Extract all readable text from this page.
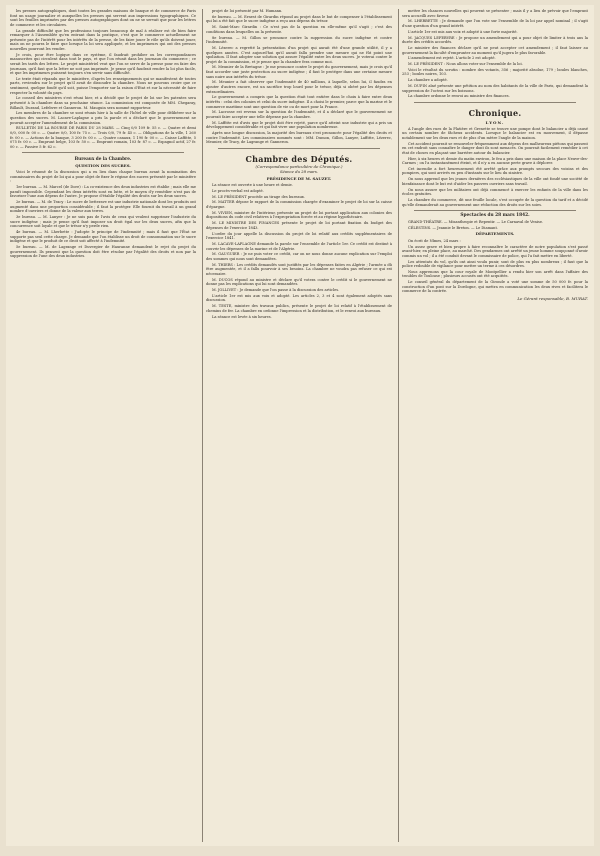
les presses autographiques, dont toutes les grandes maisons de banque et de commerce de Paris font un usage journalier et auxquelles les presses qui servent aux impressions typographiques. Ce sont les feuilles imprimées par des presses autographiques dont on ne se servait que pour les lettres de commerce et les circulaires.

La grande difficulté que les professions toujours beaucoup de mal à réaliser est de bien faire remarquer à l'Assemblée qu'en entrant dans la pratique, c'est que le commerce actuellement ne présente pas de l'intérêt pour les intérêts de la presse, de les faire jouer le rôle qu'ils doivent jouer, mais on ne pourra le faire que lorsque la loi sera appliquée, et les imprimeurs qui ont des presses nouvelles pourront les vendre.

Je crois, pour être logique dans ce système, il faudrait prohiber ou les correspondances manuscrites qui circulent dans tout le pays, et que l'on réunit dans les journaux du commerce ; ce serait les tarifs des lettres. Le projet ministériel veut que l'on se serve de la presse pour en faire des journaux, qu'il faut que la lettre ne soit pas imprimée. Je pense qu'il faudrait rendre la loi plus facile, et que les imprimeurs puissent toujours s'en servir sans difficulté.

Le texte était répandu que le ministère, d'après les renseignements qui se manifestent de toutes parts, reviendra sur le projet qu'il avait de dissoudre la chambre. Nous ne pouvons croire que ce sentiment, quelque fondé qu'il soit, puisse l'emporter sur la raison d'Etat et sur la nécessité de faire respecter la volonté du pays.

Le conseil des ministres s'est réuni hier, et a décidé que le projet de loi sur les patentes sera présenté à la chambre dans sa prochaine séance. La commission est composée de MM. Chegaray, Billault, Durand, Lefebvre et Ganneron. M. Mauguin sera nommé rapporteur.

Les membres de la chambre se sont réunis hier à la salle de l'hôtel de ville pour délibérer sur la question des sucres. M. Lacave-Laplagne a pris la parole et a déclaré que le gouvernement ne pouvait accepter l'amendement de la commission.

BULLETIN DE LA BOURSE DE PARIS DU 28 MARS. — Cinq 0/0 109 fr. 55 c. — Quatre et demi 0/0, 000 fr. 00 c. — Quatre 0/0, 100 fr. 75 c. — Trois 0/0, 79 fr. 45 c. — Obligations de la ville, 1 260 fr. 00 c. — Actions de la banque, 3 200 fr. 00 c. — Quatre canaux, 1 190 fr. 00 c. — Caisse Laffitte, 5 075 fr. 00 c. — Emprunt belge, 103 fr. 50 c. — Emprunt romain, 103 fr. 87 c. — Espagnol actif, 27 fr. 00 c. — Passive 5 fr. 62 c.

Bureaux de la Chambre.
QUESTION DES SUCRES.

Voici le résumé de la discussion qui a eu lieu dans chaque bureau avant la nomination des commissaires du projet de loi qui a pour objet de fixer le régime des sucres présenté par le ministère :

1er bureau. — M. Marcel (de Dore) : La co-existence des deux industries est établie ; mais elle me paraît impossible. Cependant les deux intérêts sont en lutte, et le moyen d'y remédier n'est pas de favoriser l'une aux dépens de l'autre. Je propose d'établir l'égalité des droits sur les deux sucres.

2e bureau. — M. de Tracy : Le sucre de betterave est une industrie nationale dont les produits ont augmenté dans une proportion considérable ; il faut la protéger. Elle fournit du travail à un grand nombre d'ouvriers et donne de la valeur aux terres.

3e bureau. — M. Lanyer : Je ne suis pas de l'avis de ceux qui veulent supprimer l'industrie du sucre indigène ; mais je pense qu'il faut imposer un droit égal sur les deux sucres, afin que la concurrence soit loyale et que le trésor n'y perde rien.

4e bureau. — M. Lherbette : J'adopte le principe de l'indemnité ; mais il faut que l'État ne supporte pas seul cette charge. Je demande que l'on établisse un droit de consommation sur le sucre indigène et que le produit de ce droit soit affecté à l'indemnité.

5e bureau. — M. de Lagrange et Duvergier de Hauranne demandent le rejet du projet du gouvernement. Ils pensent que la question doit être résolue par l'égalité des droits et non par la suppression de l'une des deux industries.

projet de loi présenté par M. Humann.

6e bureau. — M. Ernest de Girardin répond au projet dans le but de compenser à l'établissement qui lui a été fait que le sucre indigène a reçu aux dépens du trésor.

M. Saint-Marc Girardin : Ce n'est pas de la question en elle-même qu'il s'agit ; c'est des conditions dans lesquelles on la présente.

8e bureau. — M. Gillon se prononce contre la suppression du sucre indigène et contre l'indemnité.

M. Lézerec a regretté la présentation d'un projet qui aurait été d'une grande utilité, il y a quelques années. C'est aujourd'hui qu'il aurait fallu prendre une mesure qui ne fût point une spoliation. Il faut adopter une solution qui assure l'égalité entre les deux sucres. Je voterai contre le projet de la commission, et je pense que la chambre fera comme moi.

M. Meunier de la Bretagne : Je me prononce contre le projet du gouvernement, mais je crois qu'il faut accorder une juste protection au sucre indigène ; il faut le protéger dans une certaine mesure sans nuire aux intérêts du trésor.

M. Meunier a fait observer que l'indemnité de 40 millions, à laquelle, selon lui, il faudra en ajouter d'autres encore, est un sacrifice trop lourd pour le trésor, déjà si obéré par les dépenses extraordinaires.

Le gouvernement a compris que la question était tout entière dans le choix à faire entre deux intérêts : celui des colonies et celui du sucre indigène. Il a choisi le premier, parce que la marine et le commerce maritime sont une question de vie ou de mort pour la France.

M. Lacrosse est revenu sur la question de l'indemnité, et il a déclaré que le gouvernement ne pourrait faire accepter une telle dépense par la chambre.

M. Laffitte est d'avis que le projet doit être rejeté, parce qu'il atteint une industrie qui a pris un développement considérable et qui fait vivre une population nombreuse.

Après une longue discussion, la majorité des bureaux s'est prononcée pour l'égalité des droits et contre l'indemnité. Les commissaires nommés sont : MM. Dumon, Gillon, Lanyer, Laffitte, Lézerec, Meunier, de Tracy, de Lagrange et Ganneron.

Chambre des Députés.
(Correspondance particulière de Chronique.)
Séance du 28 mars.
PRÉSIDENCE DE M. SAUZET.

La séance est ouverte à une heure et demie.

Le procès-verbal est adopté.

M. LE PRÉSIDENT procède au tirage des bureaux.

M. MATTER dépose le rapport de la commission chargée d'examiner le projet de loi sur la caisse d'épargne.

M. VIVIEN, ministre de l'intérieur, présente un projet de loi portant application aux colonies des dispositions du code civil relatives à l'expropriation forcée et au régime hypothécaire.

M. LE MINISTRE DES FINANCES présente le projet de loi portant fixation du budget des dépenses de l'exercice 1843.

L'ordre du jour appelle la discussion du projet de loi relatif aux crédits supplémentaires de l'exercice 1841.

M. LACAVE-LAPLAGNE demande la parole sur l'ensemble de l'article 1er. Ce crédit est destiné à couvrir les dépenses de la marine et de l'Algérie.

M. GAUGUIER : Je ne puis voter ce crédit, car on ne nous donne aucune explication sur l'emploi des sommes qui nous sont demandées.

M. THIERS : Les crédits demandés sont justifiés par les dépenses faites en Algérie ; l'armée a dû être augmentée, et il a fallu pourvoir à ses besoins. La chambre ne voudra pas refuser ce qui est nécessaire.

M. DUCOS répond au ministre et déclare qu'il votera contre le crédit si le gouvernement ne donne pas les explications qui lui sont demandées.

M. JOLLIVET : Je demande que l'on passe à la discussion des articles.

L'article 1er est mis aux voix et adopté. Les articles 2, 3 et 4 sont également adoptés sans discussion.

M. TESTE, ministre des travaux publics, présente le projet de loi relatif à l'établissement de chemins de fer. La chambre en ordonne l'impression et la distribution, et le renvoi aux bureaux.

La séance est levée à six heures.

mettre les chances nouvelles qui peuvent se présenter ; mais il y a lieu de prévoir que l'emprunt sera accueilli avec faveur.

M. LHERBETTE : Je demande que l'on vote sur l'ensemble de la loi par appel nominal ; il s'agit d'une question d'un grand intérêt.

L'article 1er est mis aux voix et adopté à une forte majorité.

M. JACQUES LEFEBVRE : Je propose un amendement qui a pour objet de limiter à trois ans la durée des crédits accordés.

Le ministre des finances déclare qu'il ne peut accepter cet amendement ; il faut laisser au gouvernement la faculté d'emprunter au moment qu'il jugera le plus favorable.

L'amendement est rejeté. L'article 2 est adopté.

M. LE PRÉSIDENT : Nous allons voter sur l'ensemble de la loi.

Voici le résultat du scrutin : nombre des votants, 356 ; majorité absolue, 179 ; boules blanches, 253 ; boules noires, 103.

La chambre a adopté.

M. DUPIN aîné présente une pétition au nom des habitants de la ville de Paris, qui demandent la suppression de l'octroi sur les boissons.

La chambre ordonne le renvoi au ministre des finances.

Chronique.
LYON.

A l'angle des rues de la Platière et Grenette se trouve une pompe dont le balancier a déjà causé un certain nombre de fâcheux accidents. Lorsque le balancier est en mouvement, il dépasse notablement sur les deux rues et de plus d'un mètre l'angle de la maison.

Cet accident pourrait se renouveler fréquemment aux dépens des malheureux piétons qui passent en cet endroit sans connaître le danger dont ils sont menacés. On pourrait facilement remédier à cet état de choses en plaçant une barrière autour du balancier.

Hier, à six heures et demie du matin environ, le feu a pris dans une maison de la place Neuve-des-Carmes ; on l'a instantanément éteint, et il n'y a eu aucune perte grave à déplorer.

Cet incendie a fort heureusement été arrêté grâce aux prompts secours des voisins et des pompiers, qui sont arrivés en peu d'instants sur le lieu du sinistre.

On nous apprend que les jeunes dernières des ecclésiastiques de la ville ont fondé une société de bienfaisance dont le but est d'aider les pauvres ouvriers sans travail.

On nous assure que les militaires ont déjà commencé à exercer les enfants de la ville dans les écoles gratuites.

La chambre du commerce, dit une feuille locale, s'est occupée de la question du tarif et a décidé qu'elle demanderait au gouvernement une réduction des droits sur les soies.

Spectacles du 28 mars 1842.

GRAND-THÉATRE. — Misanthropie et Repentir. — Le Carnaval de Venise.

CÉLESTINS. — Jeannie le Breton. — Le Diamant.

DÉPARTEMENTS.

On écrit de Nîmes, 24 mars :

Un assez grave et bien propre à faire reconnaître le caractère de notre population s'est passé avant-hier, en pleine place, au marché. Des gendarmes ont arrêté un jeune homme soupçonné d'avoir commis un vol ; il a été conduit devant le commissaire de police, qui l'a fait mettre en liberté.

Les attentats du vol, qu'ils ont ainsi voulu punir, sont de plus en plus nombreux ; il faut que la police redouble de vigilance pour mettre un terme à ces désordres.

Nous apprenons que la cour royale de Montpellier a rendu hier son arrêt dans l'affaire des troubles de Toulouse ; plusieurs accusés ont été acquittés.

Le conseil général du département de la Gironde a voté une somme de 50 000 fr. pour la construction d'un pont sur la Dordogne, qui mettra en communication les deux rives et facilitera le commerce de la contrée.

Le Gérant responsable, B. MURAT.
